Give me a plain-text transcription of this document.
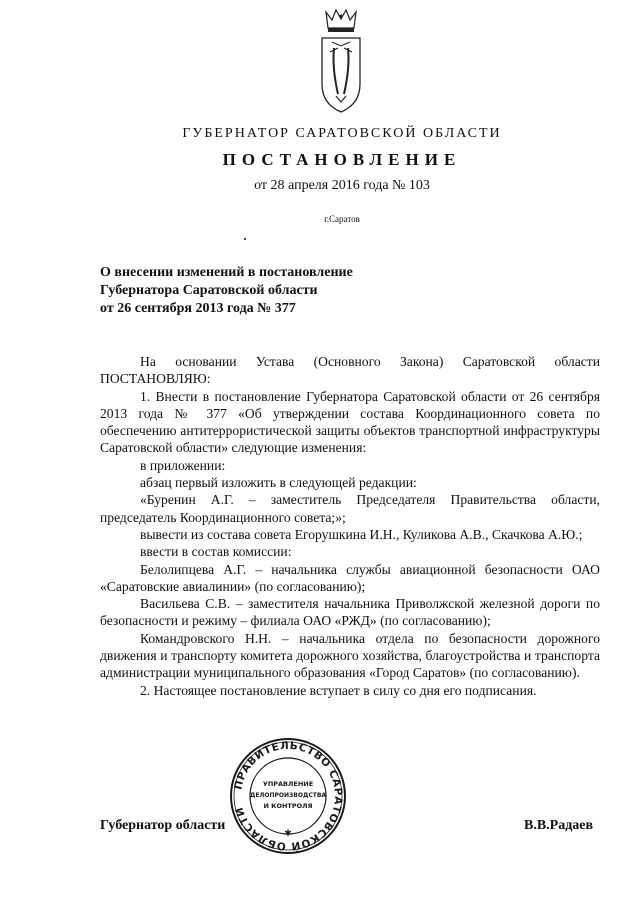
ГУБЕРНАТОР САРАТОВСКОЙ ОБЛАСТИ
ПОСТАНОВЛЕНИЕ
от 28 апреля 2016 года № 103
г.Саратов
О внесении изменений в постановление
Губернатора Саратовской области
от 26 сентября 2013 года № 377
На основании Устава (Основного Закона) Саратовской области ПОСТАНОВЛЯЮ:
1. Внести в постановление Губернатора Саратовской области от 26 сентября 2013 года № 377 «Об утверждении состава Координационного совета по обеспечению антитеррористической защиты объектов транспортной инфраструктуры Саратовской области» следующие изменения:
в приложении:
абзац первый изложить в следующей редакции:
«Буренин А.Г. – заместитель Председателя Правительства области, председатель Координационного совета;»;
вывести из состава совета Егорушкина И.Н., Куликова А.В., Скачкова А.Ю.;
ввести в состав комиссии:
Белолипцева А.Г. – начальника службы авиационной безопасности ОАО «Саратовские авиалинии» (по согласованию);
Васильева С.В. – заместителя начальника Приволжской железной дороги по безопасности и режиму – филиала ОАО «РЖД» (по согласованию);
Командровского Н.Н. – начальника отдела по безопасности дорожного движения и транспорту комитета дорожного хозяйства, благоустройства и транспорта администрации муниципального образования «Город Саратов» (по согласованию).
2. Настоящее постановление вступает в силу со дня его подписания.
Губернатор области	В.В.Радаев
ПРАВИТЕЛЬСТВО САРАТОВСКОЙ ОБЛАСТИ
УПРАВЛЕНИЕ
ДЕЛОПРОИЗВОДСТВА
И КОНТРОЛЯ
✱
